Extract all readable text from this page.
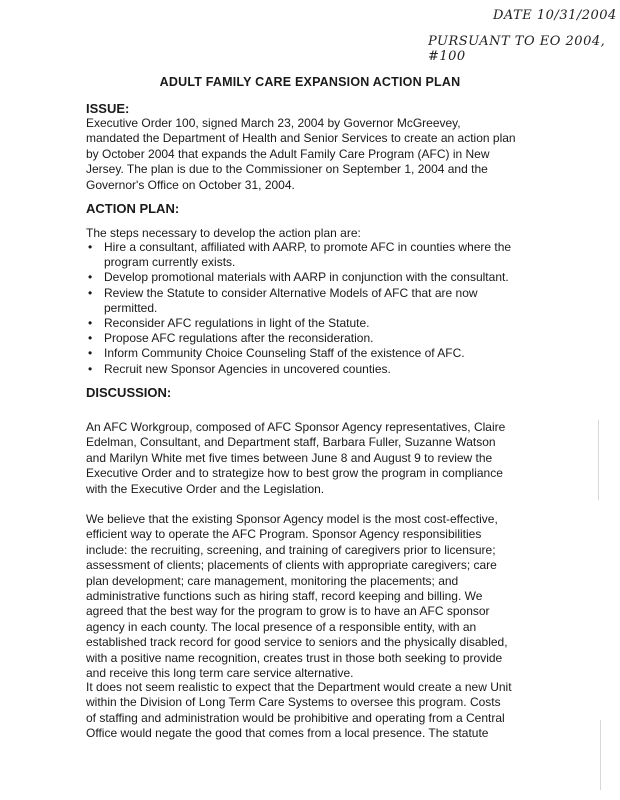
DATE 10/31/2004
PURSUANT TO EO 2004, #100
ADULT FAMILY CARE EXPANSION ACTION PLAN
ISSUE:
Executive Order 100, signed March 23, 2004 by Governor McGreevey,
mandated the Department of Health and Senior Services to create an action plan
by October 2004 that expands the Adult Family Care Program (AFC) in New
Jersey. The plan is due to the Commissioner on September 1, 2004 and the
Governor's Office on October 31, 2004.
ACTION PLAN:
The steps necessary to develop the action plan are:
• Hire a consultant, affiliated with AARP, to promote AFC in counties where the
program currently exists.
• Develop promotional materials with AARP in conjunction with the consultant.
• Review the Statute to consider Alternative Models of AFC that are now
permitted.
• Reconsider AFC regulations in light of the Statute.
• Propose AFC regulations after the reconsideration.
• Inform Community Choice Counseling Staff of the existence of AFC.
• Recruit new Sponsor Agencies in uncovered counties.
DISCUSSION:
An AFC Workgroup, composed of AFC Sponsor Agency representatives, Claire
Edelman, Consultant, and Department staff, Barbara Fuller, Suzanne Watson
and Marilyn White met five times between June 8 and August 9 to review the
Executive Order and to strategize how to best grow the program in compliance
with the Executive Order and the Legislation.
We believe that the existing Sponsor Agency model is the most cost-effective,
efficient way to operate the AFC Program. Sponsor Agency responsibilities
include: the recruiting, screening, and training of caregivers prior to licensure;
assessment of clients; placements of clients with appropriate caregivers; care
plan development; care management, monitoring the placements; and
administrative functions such as hiring staff, record keeping and billing. We
agreed that the best way for the program to grow is to have an AFC sponsor
agency in each county. The local presence of a responsible entity, with an
established track record for good service to seniors and the physically disabled,
with a positive name recognition, creates trust in those both seeking to provide
and receive this long term care service alternative.
It does not seem realistic to expect that the Department would create a new Unit
within the Division of Long Term Care Systems to oversee this program. Costs
of staffing and administration would be prohibitive and operating from a Central
Office would negate the good that comes from a local presence. The statute
